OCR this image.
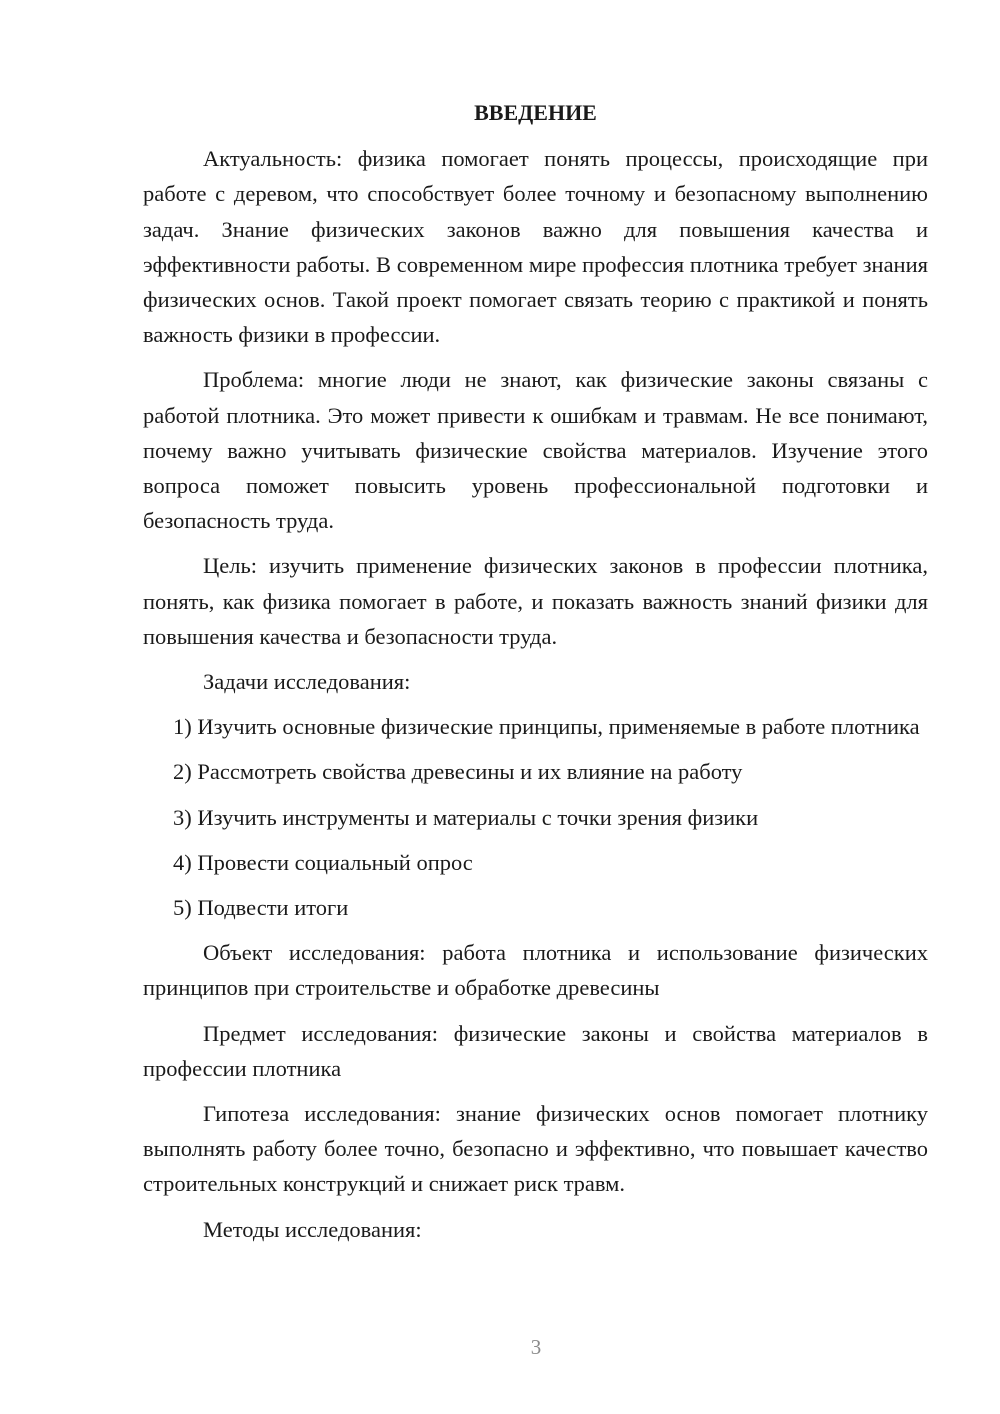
ВВЕДЕНИЕ
Актуальность: физика помогает понять процессы, происходящие при работе с деревом, что способствует более точному и безопасному выполнению задач. Знание физических законов важно для повышения качества и эффективности работы. В современном мире профессия плотника требует знания физических основ. Такой проект помогает связать теорию с практикой и понять важность физики в профессии.
Проблема: многие люди не знают, как физические законы связаны с работой плотника. Это может привести к ошибкам и травмам. Не все понимают, почему важно учитывать физические свойства материалов. Изучение этого вопроса поможет повысить уровень профессиональной подготовки и безопасность труда.
Цель: изучить применение физических законов в профессии плотника, понять, как физика помогает в работе, и показать важность знаний физики для повышения качества и безопасности труда.
Задачи исследования:
1) Изучить основные физические принципы, применяемые в работе плотника
2) Рассмотреть свойства древесины и их влияние на работу
3) Изучить инструменты и материалы с точки зрения физики
4) Провести социальный опрос
5) Подвести итоги
Объект исследования: работа плотника и использование физических принципов при строительстве и обработке древесины
Предмет исследования: физические законы и свойства материалов в профессии плотника
Гипотеза исследования: знание физических основ помогает плотнику выполнять работу более точно, безопасно и эффективно, что повышает качество строительных конструкций и снижает риск травм.
Методы исследования:
3
